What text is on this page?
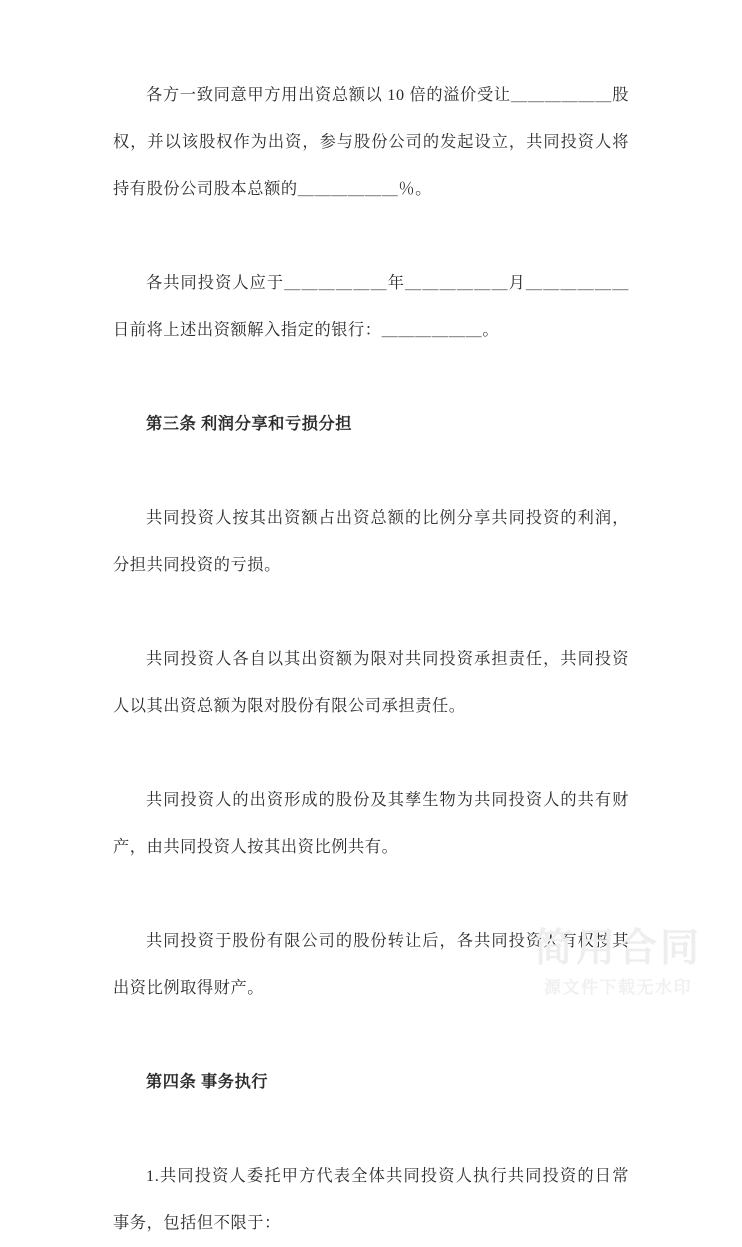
各方一致同意甲方用出资总额以 10 倍的溢价受让＿＿＿＿＿＿股权，并以该股权作为出资，参与股份公司的发起设立，共同投资人将持有股份公司股本总额的＿＿＿＿＿＿％。

各共同投资人应于＿＿＿＿＿＿年＿＿＿＿＿＿月＿＿＿＿＿＿日前将上述出资额解入指定的银行：＿＿＿＿＿＿。

第三条 利润分享和亏损分担

共同投资人按其出资额占出资总额的比例分享共同投资的利润，分担共同投资的亏损。

共同投资人各自以其出资额为限对共同投资承担责任，共同投资人以其出资总额为限对股份有限公司承担责任。

共同投资人的出资形成的股份及其孳生物为共同投资人的共有财产，由共同投资人按其出资比例共有。

共同投资于股份有限公司的股份转让后，各共同投资人有权按其出资比例取得财产。

第四条 事务执行

1.共同投资人委托甲方代表全体共同投资人执行共同投资的日常事务，包括但不限于：

简用合同
源文件下载无水印
